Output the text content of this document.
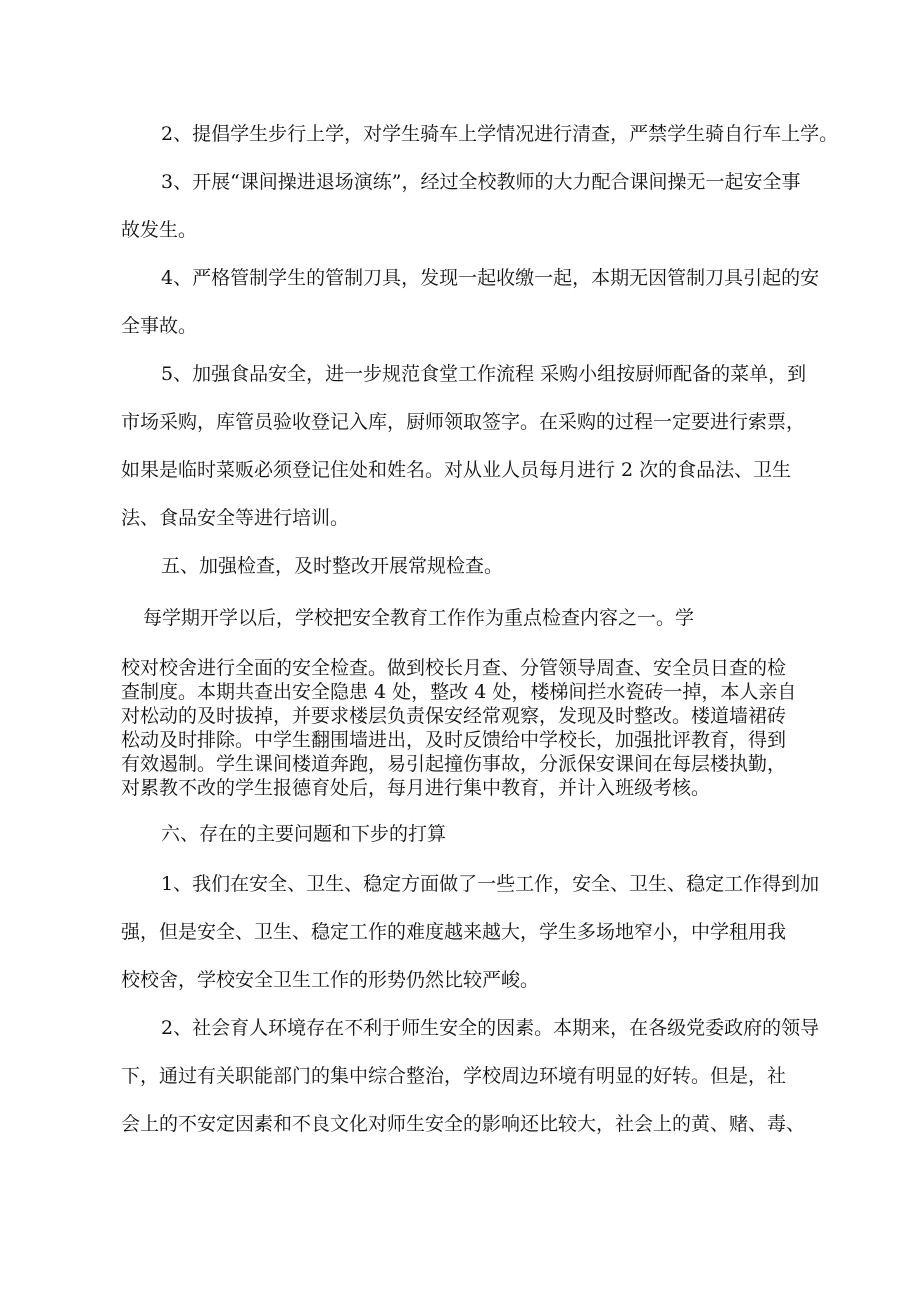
2、提倡学生步行上学，对学生骑车上学情况进行清查，严禁学生骑自行车上学。
3、开展“课间操进退场演练”，经过全校教师的大力配合课间操无一起安全事
故发生。
4、严格管制学生的管制刀具，发现一起收缴一起，本期无因管制刀具引起的安
全事故。
5、加强食品安全，进一步规范食堂工作流程 采购小组按厨师配备的菜单，到
市场采购，库管员验收登记入库，厨师领取签字。在采购的过程一定要进行索票，
如果是临时菜贩必须登记住处和姓名。对从业人员每月进行 2 次的食品法、卫生
法、食品安全等进行培训。
五、加强检查，及时整改开展常规检查。
每学期开学以后，学校把安全教育工作作为重点检查内容之一。学
校对校舍进行全面的安全检查。做到校长月查、分管领导周查、安全员日查的检
查制度。本期共查出安全隐患 4 处，整改 4 处，楼梯间拦水瓷砖一掉，本人亲自
对松动的及时拔掉，并要求楼层负责保安经常观察，发现及时整改。楼道墙裙砖
松动及时排除。中学生翻围墙进出，及时反馈给中学校长，加强批评教育，得到
有效遏制。学生课间楼道奔跑，易引起撞伤事故，分派保安课间在每层楼执勤，
对累教不改的学生报德育处后，每月进行集中教育，并计入班级考核。
六、存在的主要问题和下步的打算
1、我们在安全、卫生、稳定方面做了一些工作，安全、卫生、稳定工作得到加
强，但是安全、卫生、稳定工作的难度越来越大，学生多场地窄小，中学租用我
校校舍，学校安全卫生工作的形势仍然比较严峻。
2、社会育人环境存在不利于师生安全的因素。本期来，在各级党委政府的领导
下，通过有关职能部门的集中综合整治，学校周边环境有明显的好转。但是，社
会上的不安定因素和不良文化对师生安全的影响还比较大，社会上的黄、赌、毒、
